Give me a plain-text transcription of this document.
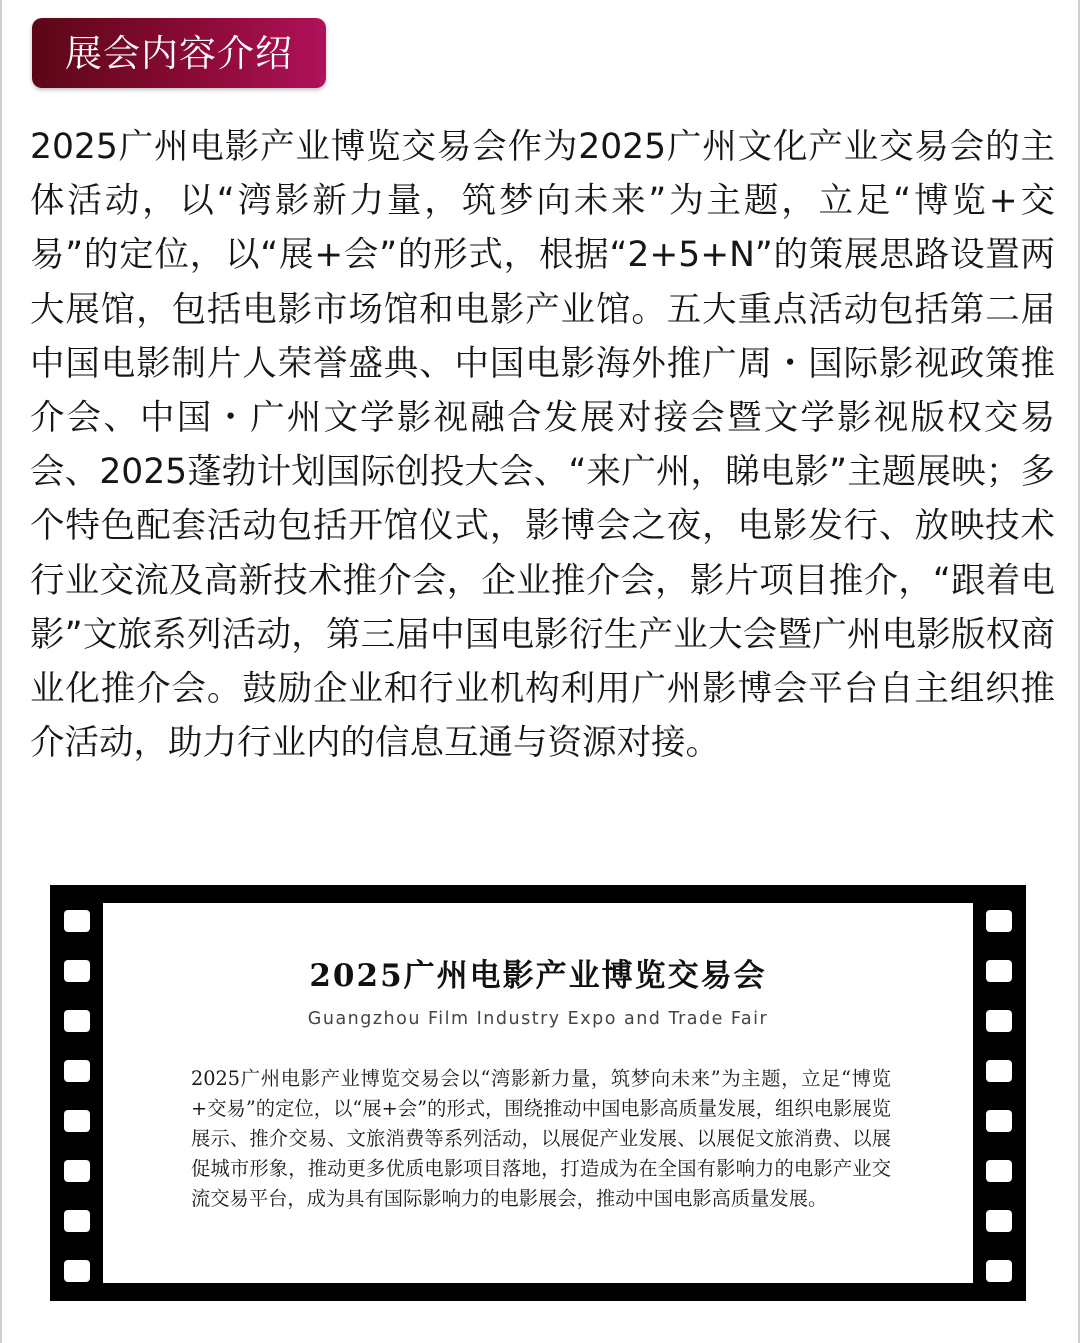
展会内容介绍

2025广州电影产业博览交易会作为2025广州文化产业交易会的主体活动，以“湾影新力量，筑梦向未来”为主题，立足“博览+交易”的定位，以“展+会”的形式，根据“2+5+N”的策展思路设置两大展馆，包括电影市场馆和电影产业馆。五大重点活动包括第二届中国电影制片人荣誉盛典、中国电影海外推广周・国际影视政策推介会、中国・广州文学影视融合发展对接会暨文学影视版权交易会、2025蓬勃计划国际创投大会、“来广州，睇电影”主题展映；多个特色配套活动包括开馆仪式，影博会之夜，电影发行、放映技术行业交流及高新技术推介会，企业推介会，影片项目推介，“跟着电影”文旅系列活动，第三届中国电影衍生产业大会暨广州电影版权商业化推介会。鼓励企业和行业机构利用广州影博会平台自主组织推介活动，助力行业内的信息互通与资源对接。

2025广州电影产业博览交易会
Guangzhou Film Industry Expo and Trade Fair

2025广州电影产业博览交易会以“湾影新力量，筑梦向未来”为主题，立足“博览+交易”的定位，以“展+会”的形式，围绕推动中国电影高质量发展，组织电影展览展示、推介交易、文旅消费等系列活动，以展促产业发展、以展促文旅消费、以展促城市形象，推动更多优质电影项目落地，打造成为在全国有影响力的电影产业交流交易平台，成为具有国际影响力的电影展会，推动中国电影高质量发展。
